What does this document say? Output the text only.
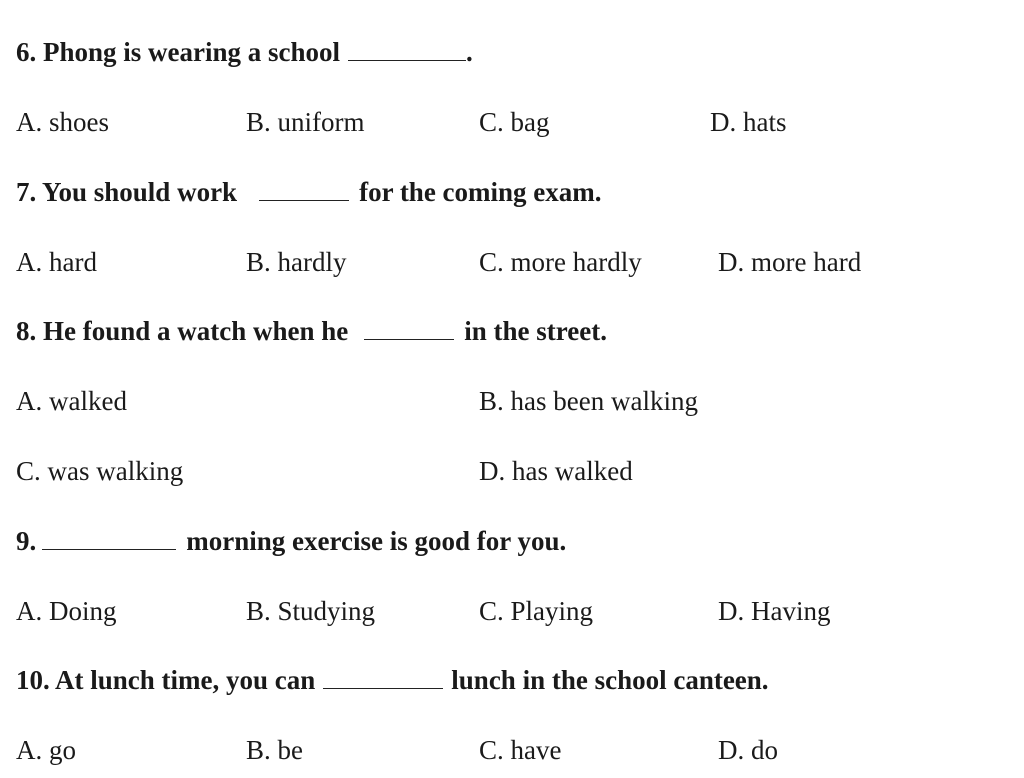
6. Phong is wearing a school	.
A. shoes	B. uniform	C. bag	D. hats
7. You should work	for the coming exam.
A. hard	B. hardly	C. more hardly	D. more hard
8. He found a watch when he	in the street.
A. walked	B. has been walking
C. was walking	D. has walked
9.	morning exercise is good for you.
A. Doing	B. Studying	C. Playing	D. Having
10. At lunch time, you can	lunch in the school canteen.
A. go	B. be	C. have	D. do
